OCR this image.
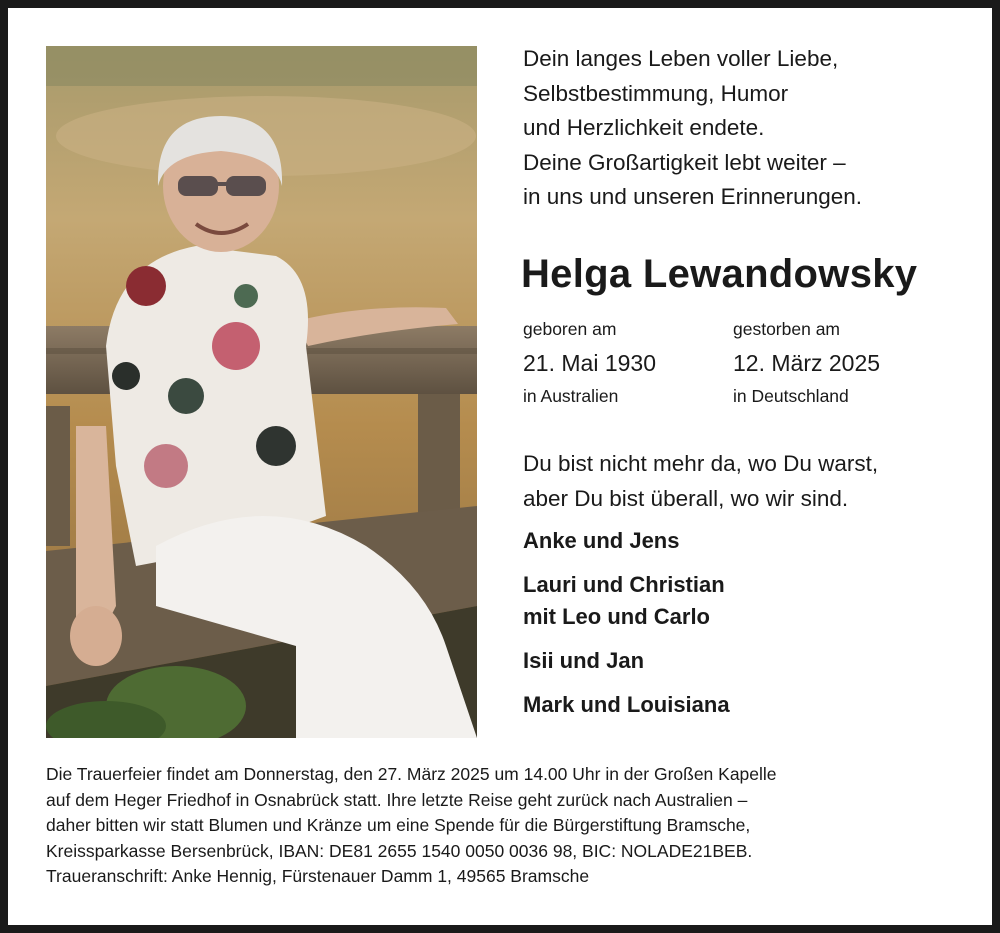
Dein langes Leben voller Liebe,
Selbstbestimmung, Humor
und Herzlichkeit endete.
Deine Großartigkeit lebt weiter –
in uns und unseren Erinnerungen.
Helga Lewandowsky
geboren am
21. Mai 1930
in Australien
gestorben am
12. März 2025
in Deutschland
Du bist nicht mehr da, wo Du warst,
aber Du bist überall, wo wir sind.
Anke und Jens
Lauri und Christian
mit Leo und Carlo
Isii und Jan
Mark und Louisiana
Die Trauerfeier findet am Donnerstag, den 27. März 2025 um 14.00 Uhr in der Großen Kapelle
auf dem Heger Friedhof in Osnabrück statt. Ihre letzte Reise geht zurück nach Australien –
daher bitten wir statt Blumen und Kränze um eine Spende für die Bürgerstiftung Bramsche,
Kreissparkasse Bersenbrück, IBAN: DE81 2655 1540 0050 0036 98, BIC: NOLADE21BEB.
Traueranschrift: Anke Hennig, Fürstenauer Damm 1, 49565 Bramsche
